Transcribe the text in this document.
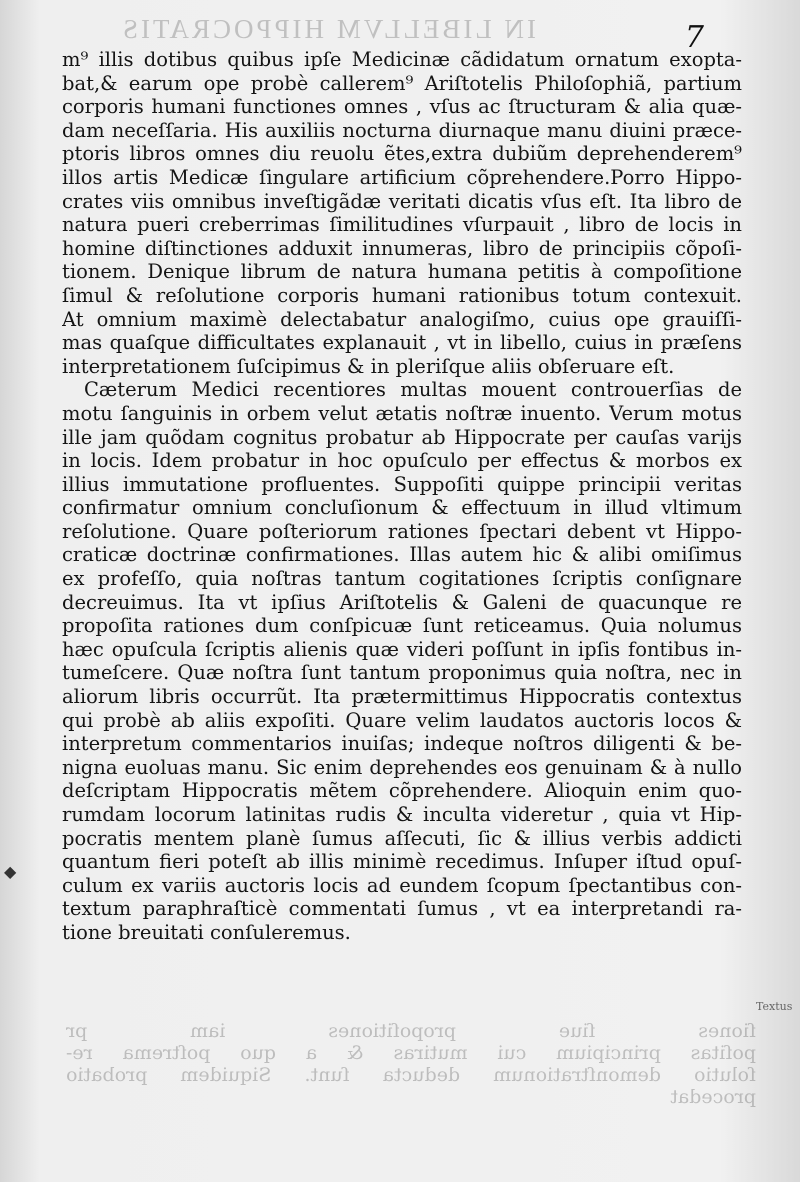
IN LIBELLVM HIPPOCRATIS	7
◆
m⁹ illis dotibus quibus ipſe Medicinæ cãdidatum ornatum exopta-
bat,& earum ope probè callerem⁹ Ariſtotelis Philoſophiã, partium
corporis humani functiones omnes , vſus ac ſtructuram & alia quæ-
dam neceſſaria. His auxiliis nocturna diurnaque manu diuini præce-
ptoris libros omnes diu reuolu ẽtes,extra dubiũm deprehenderem⁹
illos artis Medicæ ſingulare artificium cõprehendere.Porro Hippo-
crates viis omnibus inveſtigãdæ veritati dicatis vſus eſt. Ita libro de
natura pueri creberrimas ſimilitudines vſurpauit , libro de locis in
homine diſtinctiones adduxit innumeras, libro de principiis cõpoſi-
tionem. Denique librum de natura humana petitis à compoſitione
ſimul & reſolutione corporis humani rationibus totum contexuit.
At omnium maximè delectabatur analogiſmo, cuius ope grauiſſi-
mas quaſque difficultates explanauit , vt in libello, cuius in præſens
interpretationem ſuſcipimus & in pleriſque aliis obſeruare eſt.
Cæterum Medici recentiores multas mouent controuerſias de
motu ſanguinis in orbem velut ætatis noſtræ inuento. Verum motus
ille jam quõdam cognitus probatur ab Hippocrate per cauſas varijs
in locis. Idem probatur in hoc opuſculo per effectus & morbos ex
illius immutatione profluentes. Suppoſiti quippe principii veritas
confirmatur omnium concluſionum & effectuum in illud vltimum
reſolutione. Quare poſteriorum rationes ſpectari debent vt Hippo-
craticæ doctrinæ confirmationes. Illas autem hic & alibi omiſimus
ex profeſſo, quia noſtras tantum cogitationes ſcriptis conſignare
decreuimus. Ita vt ipſius Ariſtotelis & Galeni de quacunque re
propoſita rationes dum conſpicuæ ſunt reticeamus. Quia nolumus
hæc opuſcula ſcriptis alienis quæ videri poſſunt in ipſis fontibus in-
tumeſcere. Quæ noſtra ſunt tantum proponimus quia noſtra, nec in
aliorum libris occurrũt. Ita prætermittimus Hippocratis contextus
qui probè ab aliis expoſiti. Quare velim laudatos auctoris locos &
interpretum commentarios inuiſas; indeque noſtros diligenti & be-
nigna euoluas manu. Sic enim deprehendes eos genuinam & à nullo
deſcriptam Hippocratis mẽtem cõprehendere. Alioquin enim quo-
rumdam locorum latinitas rudis & inculta videretur , quia vt Hip-
pocratis mentem planè ſumus aſſecuti, ſic & illius verbis addicti
quantum fieri poteſt ab illis minimè recedimus. Inſuper iſtud opuſ-
culum ex variis auctoris locis ad eundem ſcopum ſpectantibus con-
textum paraphraſticè commentati ſumus , vt ea interpretandi ra-
tione breuitati conſuleremus.
ſiones ſiue propoſitiones iam pr
poſitas principium cui mutiras & a quo poſtrema re-
ſolutio demonſtrationum deducta ſunt. Siquidem probatio
procedat
Textus
